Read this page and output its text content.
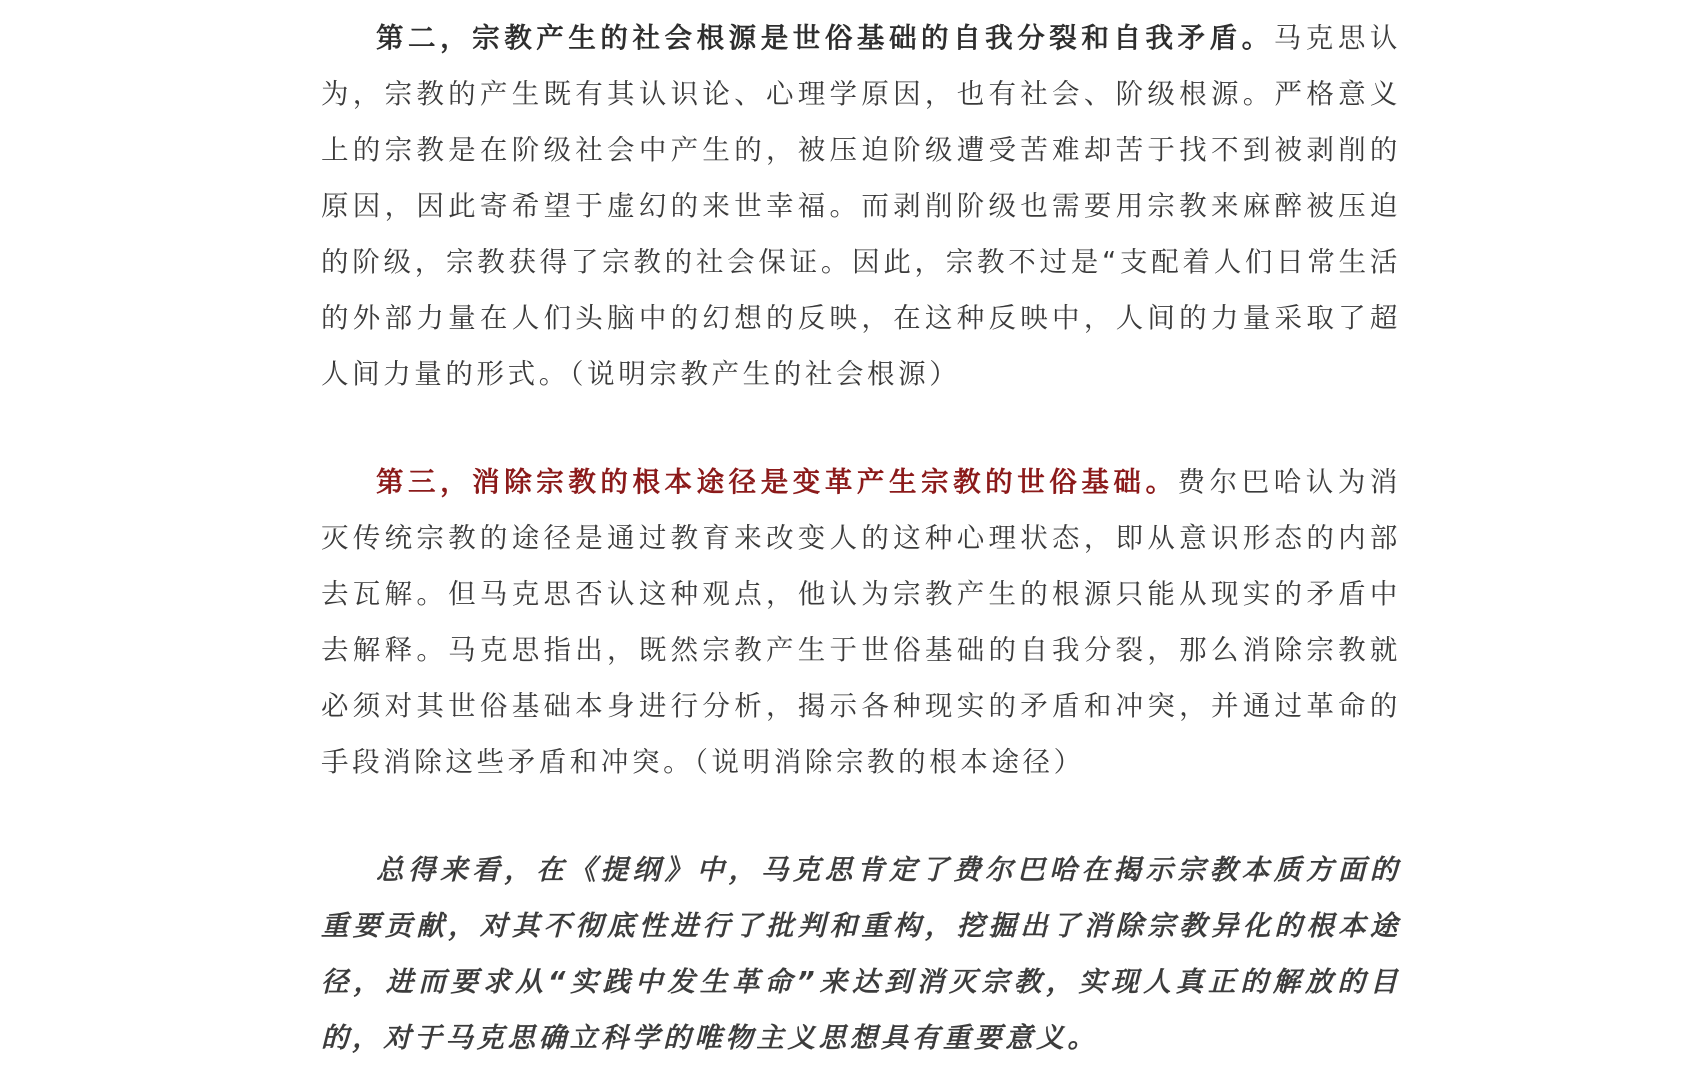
第二，宗教产生的社会根源是世俗基础的自我分裂和自我矛盾。马克思认为，宗教的产生既有其认识论、心理学原因，也有社会、阶级根源。严格意义上的宗教是在阶级社会中产生的，被压迫阶级遭受苦难却苦于找不到被剥削的原因，因此寄希望于虚幻的来世幸福。而剥削阶级也需要用宗教来麻醉被压迫的阶级，宗教获得了宗教的社会保证。因此，宗教不过是“支配着人们日常生活的外部力量在人们头脑中的幻想的反映，在这种反映中，人间的力量采取了超人间力量的形式。（说明宗教产生的社会根源）

第三，消除宗教的根本途径是变革产生宗教的世俗基础。费尔巴哈认为消灭传统宗教的途径是通过教育来改变人的这种心理状态，即从意识形态的内部去瓦解。但马克思否认这种观点，他认为宗教产生的根源只能从现实的矛盾中去解释。马克思指出，既然宗教产生于世俗基础的自我分裂，那么消除宗教就必须对其世俗基础本身进行分析，揭示各种现实的矛盾和冲突，并通过革命的手段消除这些矛盾和冲突。（说明消除宗教的根本途径）

总得来看，在《提纲》中，马克思肯定了费尔巴哈在揭示宗教本质方面的重要贡献，对其不彻底性进行了批判和重构，挖掘出了消除宗教异化的根本途径，进而要求从“实践中发生革命”来达到消灭宗教，实现人真正的解放的目的，对于马克思确立科学的唯物主义思想具有重要意义。
